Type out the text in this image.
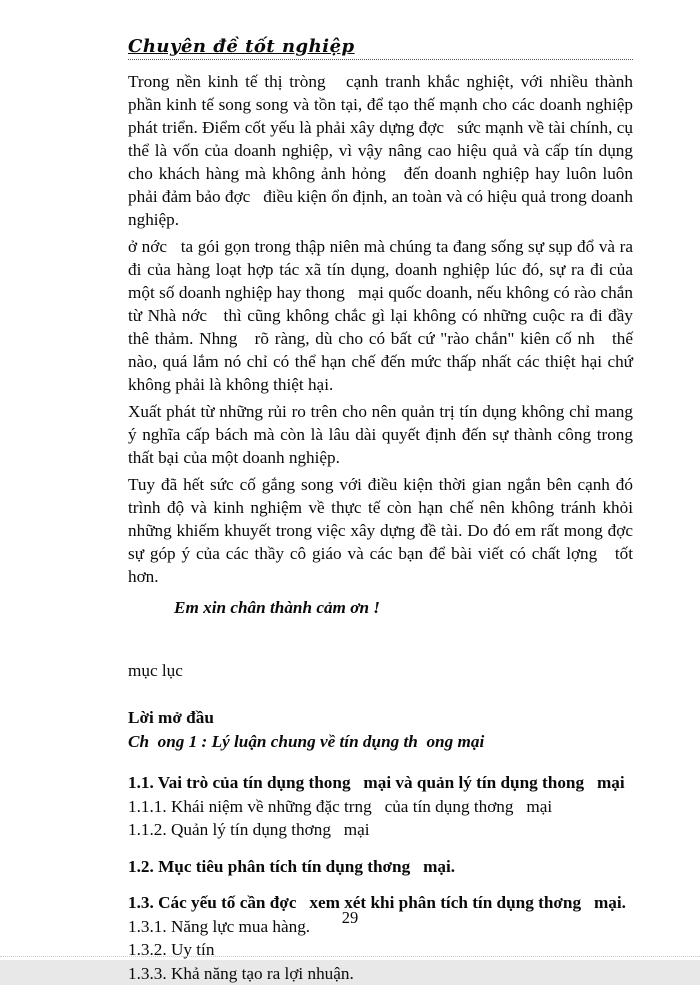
Chuyên đề tốt nghiệp

Trong nền kinh tế thị tròng   cạnh tranh khắc nghiệt, với nhiều thành phần kinh tế song song và tồn tại, để tạo thế mạnh cho các doanh nghiệp phát triển. Điểm cốt yếu là phải xây dựng đợc   sức mạnh về tài chính, cụ thể là vốn của doanh nghiệp, vì vậy nâng cao hiệu quả và cấp tín dụng cho khách hàng mà không ảnh hỏng   đến doanh nghiệp hay luôn luôn phải đảm bảo đợc   điều kiện ổn định, an toàn và có hiệu quả trong doanh nghiệp.

ở nớc   ta gói gọn trong thập niên mà chúng ta đang sống sự sụp đổ và ra đi của hàng loạt hợp tác xã tín dụng, doanh nghiệp lúc đó, sự ra đi của một số doanh nghiệp hay thong   mại quốc doanh, nếu không có rào chắn từ Nhà nớc   thì cũng không chắc gì lại không có những cuộc ra đi đầy thê thảm. Nhng   rõ ràng, dù cho có bất cứ "rào chắn" kiên cố nh   thế nào, quá lắm nó chỉ có thể hạn chế đến mức thấp nhất các thiệt hại chứ không phải là không thiệt hại.

Xuất phát từ những rủi ro trên cho nên quản trị tín dụng không chỉ mang ý nghĩa cấp bách mà còn là lâu dài quyết định đến sự thành công trong thất bại của một doanh nghiệp.

Tuy đã hết sức cố gắng song với điều kiện thời gian ngắn bên cạnh đó trình độ và kinh nghiệm về thực tế còn hạn chế nên không tránh khỏi những khiếm khuyết trong việc xây dựng đề tài. Do đó em rất mong đợc   sự góp ý của các thầy cô giáo và các bạn để bài viết có chất lợng   tốt hơn.

Em xin chân thành cảm ơn !

mục lục

Lời mở đầu

Ch  ong 1 : Lý luận chung về tín dụng th  ong mại

1.1. Vai trò của tín dụng thong   mại và quản lý tín dụng thong   mại

1.1.1. Khái niệm về những đặc trng   của tín dụng thơng   mại

1.1.2. Quản lý tín dụng thơng   mại

1.2. Mục tiêu phân tích tín dụng thơng   mại.

1.3. Các yếu tố cần đợc   xem xét khi phân tích tín dụng thơng   mại.

1.3.1. Năng lực mua hàng.

1.3.2. Uy tín

1.3.3. Khả năng tạo ra lợi nhuận.

29
